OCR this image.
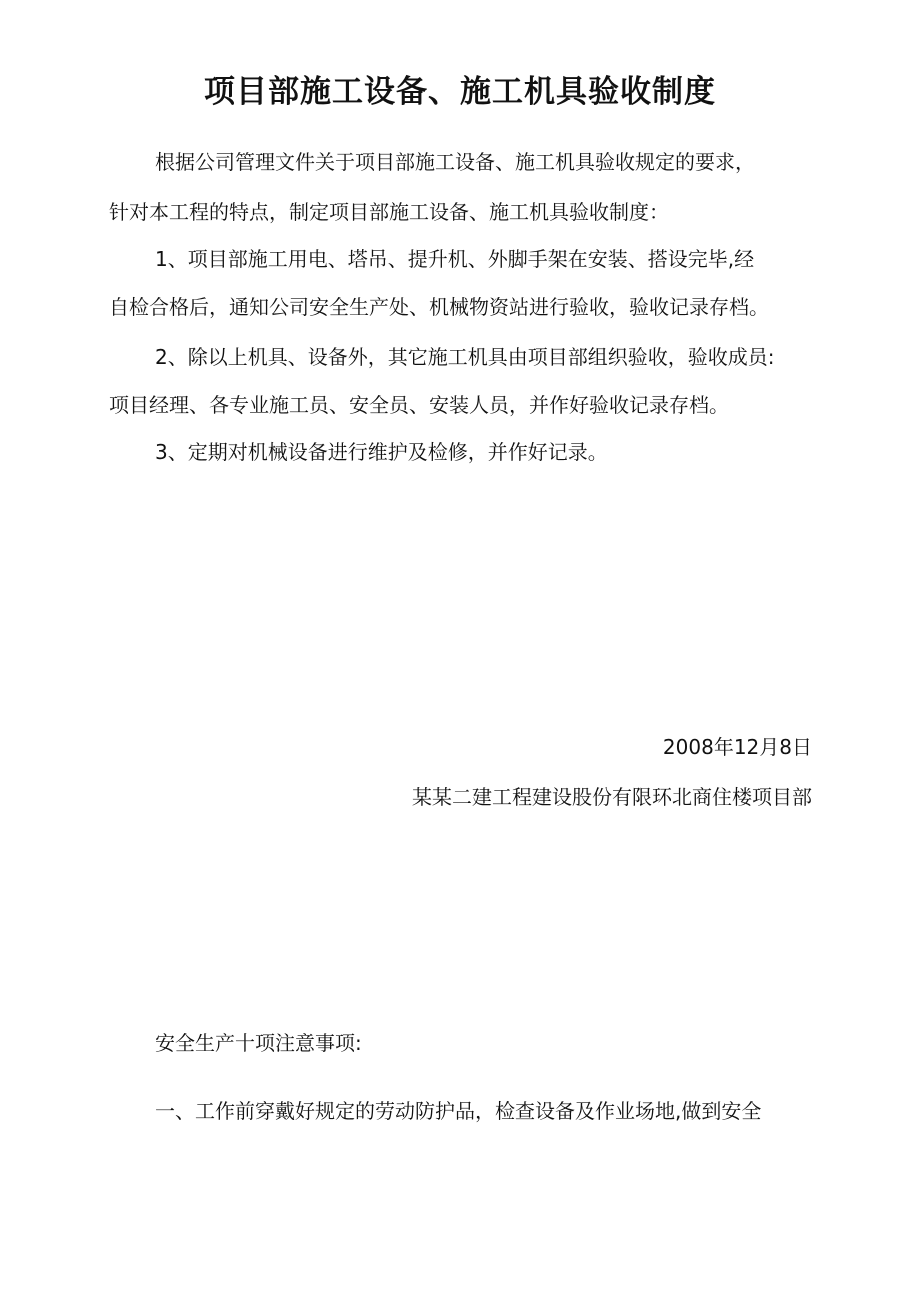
项目部施工设备、施工机具验收制度
根据公司管理文件关于项目部施工设备、施工机具验收规定的要求，
针对本工程的特点，制定项目部施工设备、施工机具验收制度：
1、项目部施工用电、塔吊、提升机、外脚手架在安装、搭设完毕,经
自检合格后，通知公司安全生产处、机械物资站进行验收，验收记录存档。
2、除以上机具、设备外，其它施工机具由项目部组织验收，验收成员:
项目经理、各专业施工员、安全员、安装人员，并作好验收记录存档。
3、定期对机械设备进行维护及检修，并作好记录。
2008年12月8日
某某二建工程建设股份有限环北商住楼项目部
安全生产十项注意事项:
一、工作前穿戴好规定的劳动防护品，检查设备及作业场地,做到安全
